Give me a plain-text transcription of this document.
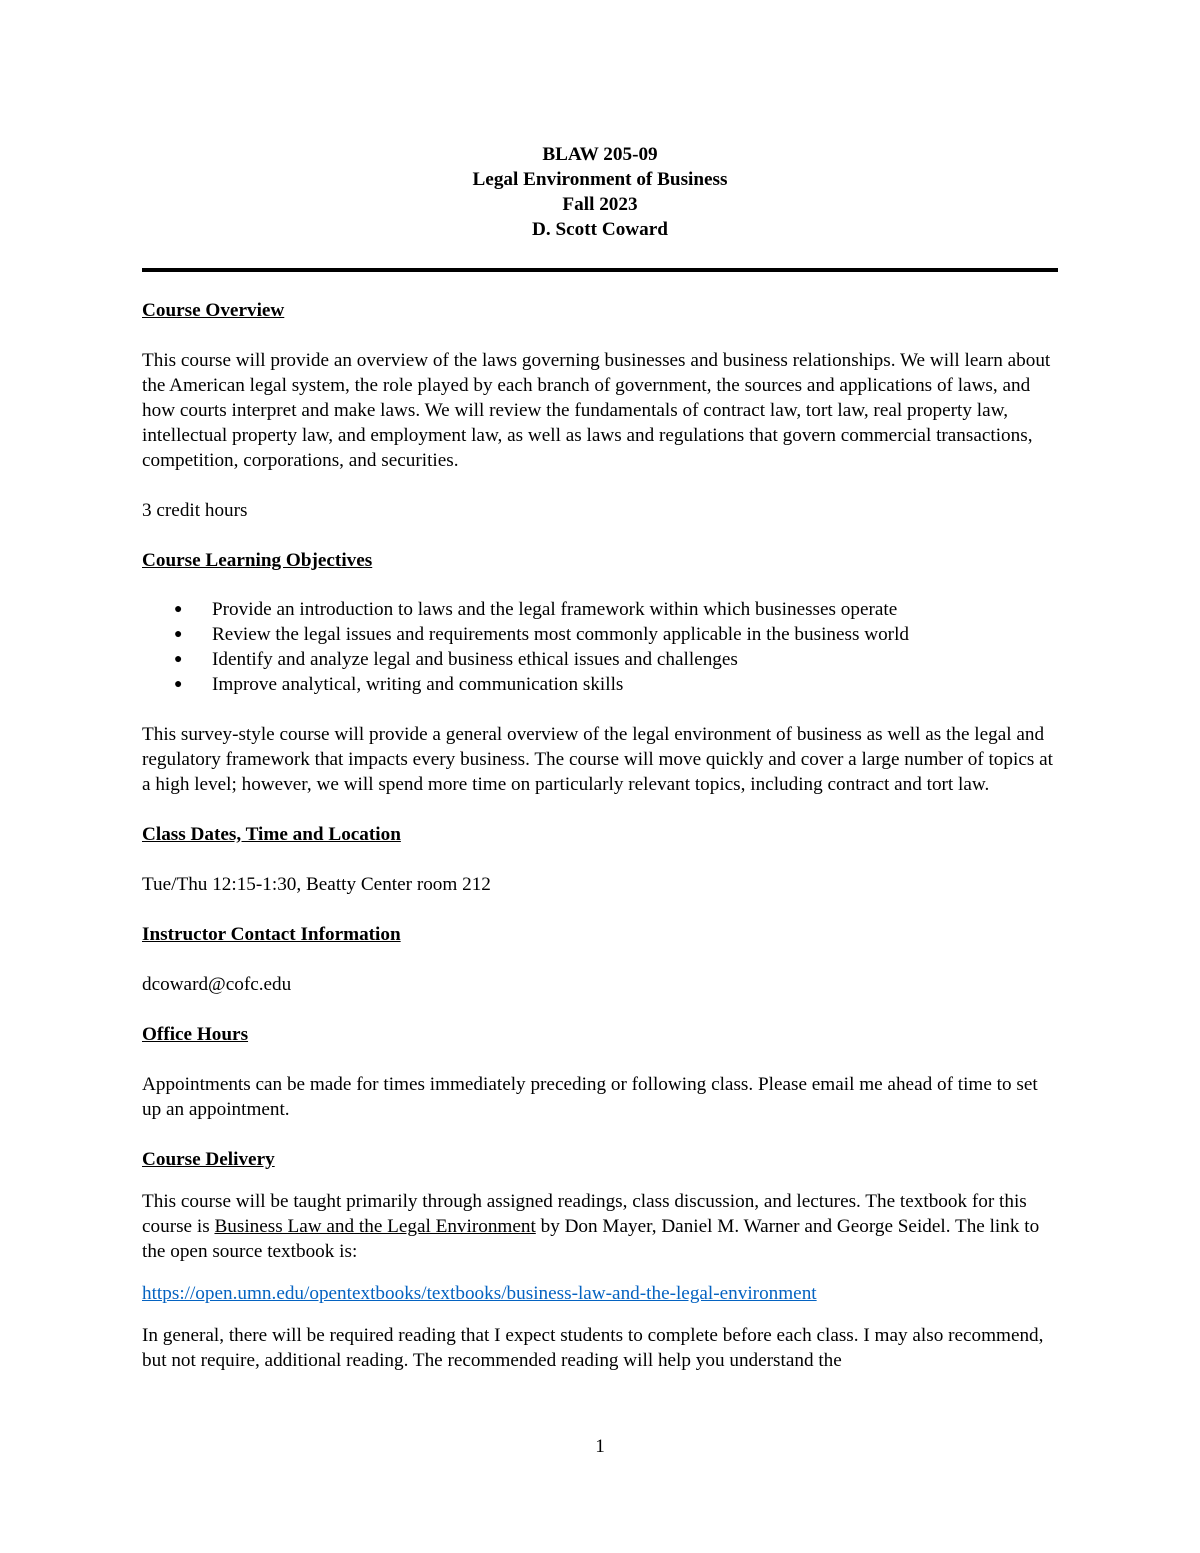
BLAW 205-09
Legal Environment of Business
Fall 2023
D. Scott Coward

Course Overview

This course will provide an overview of the laws governing businesses and business relationships. We will learn about the American legal system, the role played by each branch of government, the sources and applications of laws, and how courts interpret and make laws. We will review the fundamentals of contract law, tort law, real property law, intellectual property law, and employment law, as well as laws and regulations that govern commercial transactions, competition, corporations, and securities.

3 credit hours

Course Learning Objectives

● Provide an introduction to laws and the legal framework within which businesses operate
● Review the legal issues and requirements most commonly applicable in the business world
● Identify and analyze legal and business ethical issues and challenges
● Improve analytical, writing and communication skills

This survey-style course will provide a general overview of the legal environment of business as well as the legal and regulatory framework that impacts every business. The course will move quickly and cover a large number of topics at a high level; however, we will spend more time on particularly relevant topics, including contract and tort law.

Class Dates, Time and Location

Tue/Thu 12:15-1:30, Beatty Center room 212

Instructor Contact Information

dcoward@cofc.edu

Office Hours

Appointments can be made for times immediately preceding or following class. Please email me ahead of time to set up an appointment.

Course Delivery

This course will be taught primarily through assigned readings, class discussion, and lectures. The textbook for this course is Business Law and the Legal Environment by Don Mayer, Daniel M. Warner and George Seidel. The link to the open source textbook is:

https://open.umn.edu/opentextbooks/textbooks/business-law-and-the-legal-environment

In general, there will be required reading that I expect students to complete before each class. I may also recommend, but not require, additional reading. The recommended reading will help you understand the

1
